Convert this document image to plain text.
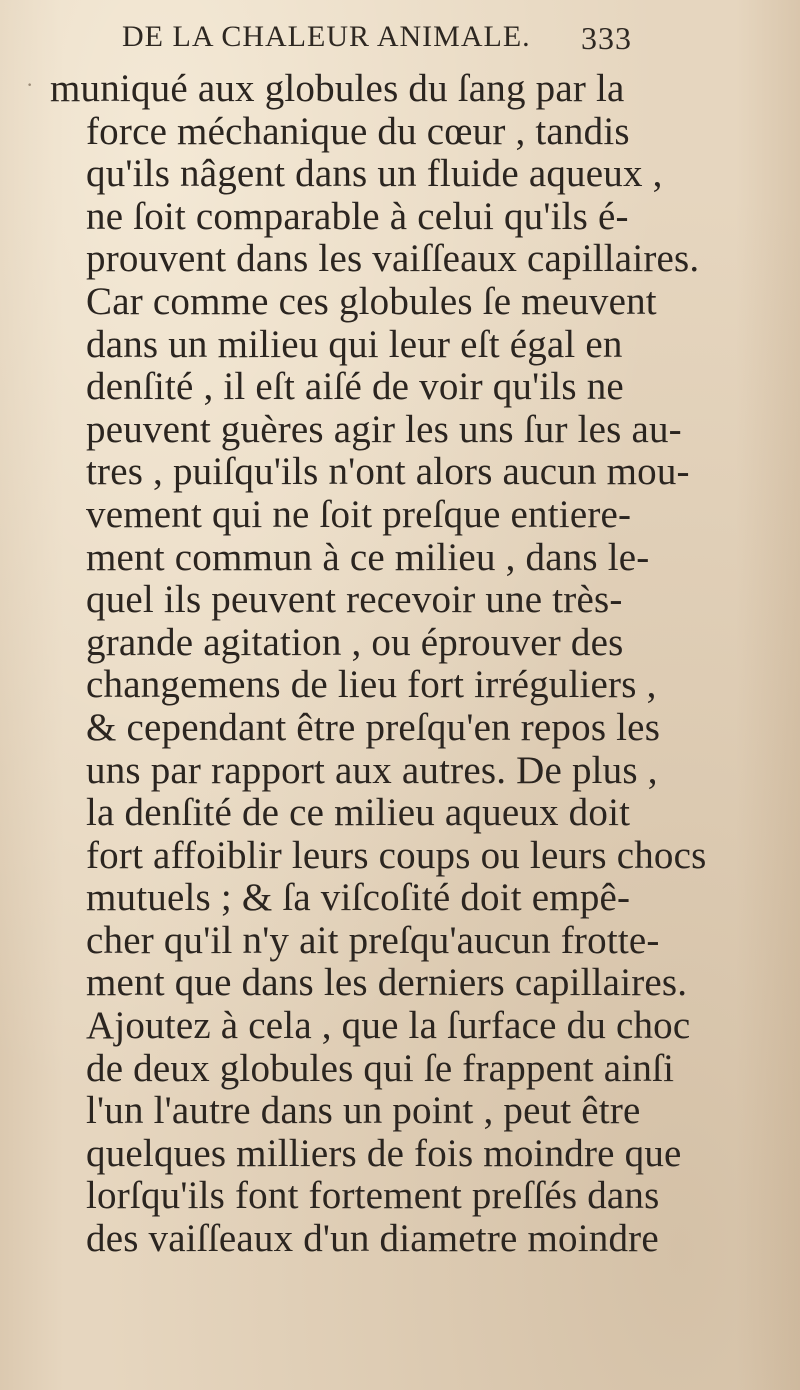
DE LA CHALEUR ANIMALE. 333
· muniqué aux globules du ſang par la
force méchanique du cœur , tandis
qu'ils nâgent dans un fluide aqueux ,
ne ſoit comparable à celui qu'ils é-
prouvent dans les vaiſſeaux capillaires.
Car comme ces globules ſe meuvent
dans un milieu qui leur eſt égal en
denſité , il eſt aiſé de voir qu'ils ne
peuvent guères agir les uns ſur les au-
tres , puiſqu'ils n'ont alors aucun mou-
vement qui ne ſoit preſque entiere-
ment commun à ce milieu , dans le-
quel ils peuvent recevoir une très-
grande agitation , ou éprouver des
changemens de lieu fort irréguliers ,
& cependant être preſqu'en repos les
uns par rapport aux autres. De plus ,
la denſité de ce milieu aqueux doit
fort affoiblir leurs coups ou leurs chocs
mutuels ; & ſa viſcoſité doit empê-
cher qu'il n'y ait preſqu'aucun frotte-
ment que dans les derniers capillaires.
Ajoutez à cela , que la ſurface du choc
de deux globules qui ſe frappent ainſi
l'un l'autre dans un point , peut être
quelques milliers de fois moindre que
lorſqu'ils font fortement preſſés dans
des vaiſſeaux d'un diametre moindre
